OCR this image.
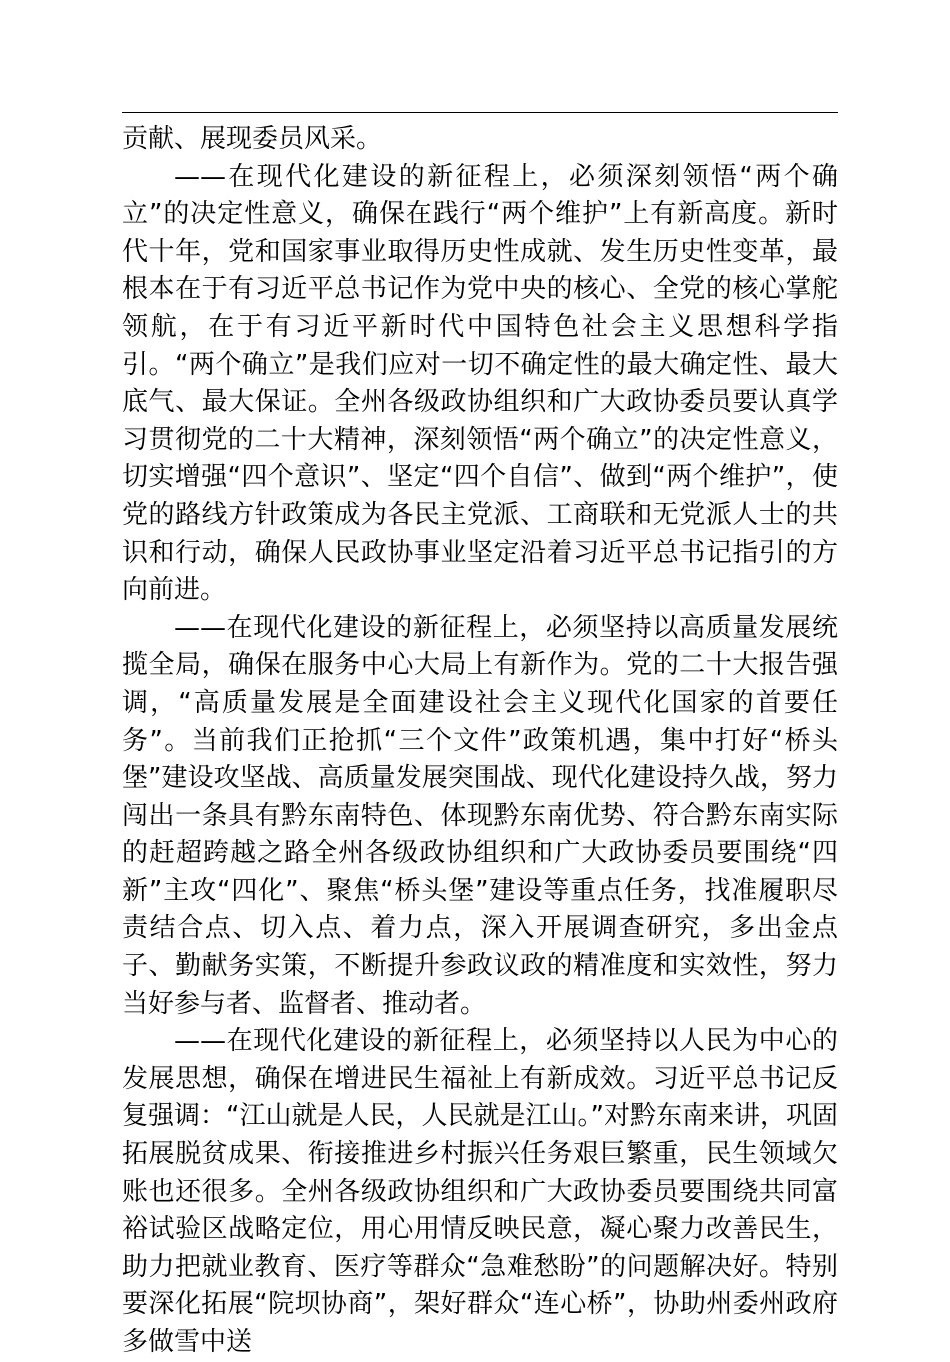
贡献、展现委员风采。

——在现代化建设的新征程上，必须深刻领悟“两个确立”的决定性意义，确保在践行“两个维护”上有新高度。新时代十年，党和国家事业取得历史性成就、发生历史性变革，最根本在于有习近平总书记作为党中央的核心、全党的核心掌舵领航，在于有习近平新时代中国特色社会主义思想科学指引。“两个确立”是我们应对一切不确定性的最大确定性、最大底气、最大保证。全州各级政协组织和广大政协委员要认真学习贯彻党的二十大精神，深刻领悟“两个确立”的决定性意义，切实增强“四个意识”、坚定“四个自信”、做到“两个维护”，使党的路线方针政策成为各民主党派、工商联和无党派人士的共识和行动，确保人民政协事业坚定沿着习近平总书记指引的方向前进。

——在现代化建设的新征程上，必须坚持以高质量发展统揽全局，确保在服务中心大局上有新作为。党的二十大报告强调，“高质量发展是全面建设社会主义现代化国家的首要任务”。当前我们正抢抓“三个文件”政策机遇，集中打好“桥头堡”建设攻坚战、高质量发展突围战、现代化建设持久战，努力闯出一条具有黔东南特色、体现黔东南优势、符合黔东南实际的赶超跨越之路全州各级政协组织和广大政协委员要围绕“四新”主攻“四化”、聚焦“桥头堡”建设等重点任务，找准履职尽责结合点、切入点、着力点，深入开展调查研究，多出金点子、勤献务实策，不断提升参政议政的精准度和实效性，努力当好参与者、监督者、推动者。

——在现代化建设的新征程上，必须坚持以人民为中心的发展思想，确保在增进民生福祉上有新成效。习近平总书记反复强调：“江山就是人民，人民就是江山。”对黔东南来讲，巩固拓展脱贫成果、衔接推进乡村振兴任务艰巨繁重，民生领域欠账也还很多。全州各级政协组织和广大政协委员要围绕共同富裕试验区战略定位，用心用情反映民意，凝心聚力改善民生，助力把就业教育、医疗等群众“急难愁盼”的问题解决好。特别要深化拓展“院坝协商”，架好群众“连心桥”，协助州委州政府多做雪中送
